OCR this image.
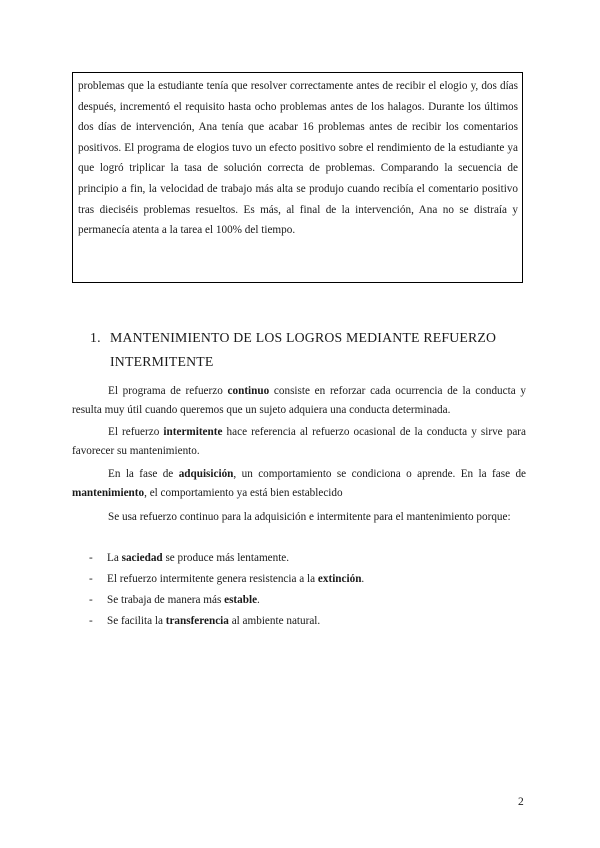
problemas que la estudiante tenía que resolver correctamente antes de recibir el elogio y, dos días después, incrementó el requisito hasta ocho problemas antes de los halagos. Durante los últimos dos días de intervención, Ana tenía que acabar 16 problemas antes de recibir los comentarios positivos. El programa de elogios tuvo un efecto positivo sobre el rendimiento de la estudiante ya que logró triplicar la tasa de solución correcta de problemas. Comparando la secuencia de principio a fin, la velocidad de trabajo más alta se produjo cuando recibía el comentario positivo tras dieciséis problemas resueltos. Es más, al final de la intervención, Ana no se distraía y permanecía atenta a la tarea el 100% del tiempo.
1. MANTENIMIENTO DE LOS LOGROS MEDIANTE REFUERZO INTERMITENTE

El programa de refuerzo continuo consiste en reforzar cada ocurrencia de la conducta y resulta muy útil cuando queremos que un sujeto adquiera una conducta determinada.

El refuerzo intermitente hace referencia al refuerzo ocasional de la conducta y sirve para favorecer su mantenimiento.

En la fase de adquisición, un comportamiento se condiciona o aprende. En la fase de mantenimiento, el comportamiento ya está bien establecido

Se usa refuerzo continuo para la adquisición e intermitente para el mantenimiento porque:

- La saciedad se produce más lentamente.
- El refuerzo intermitente genera resistencia a la extinción.
- Se trabaja de manera más estable.
- Se facilita la transferencia al ambiente natural.
2
